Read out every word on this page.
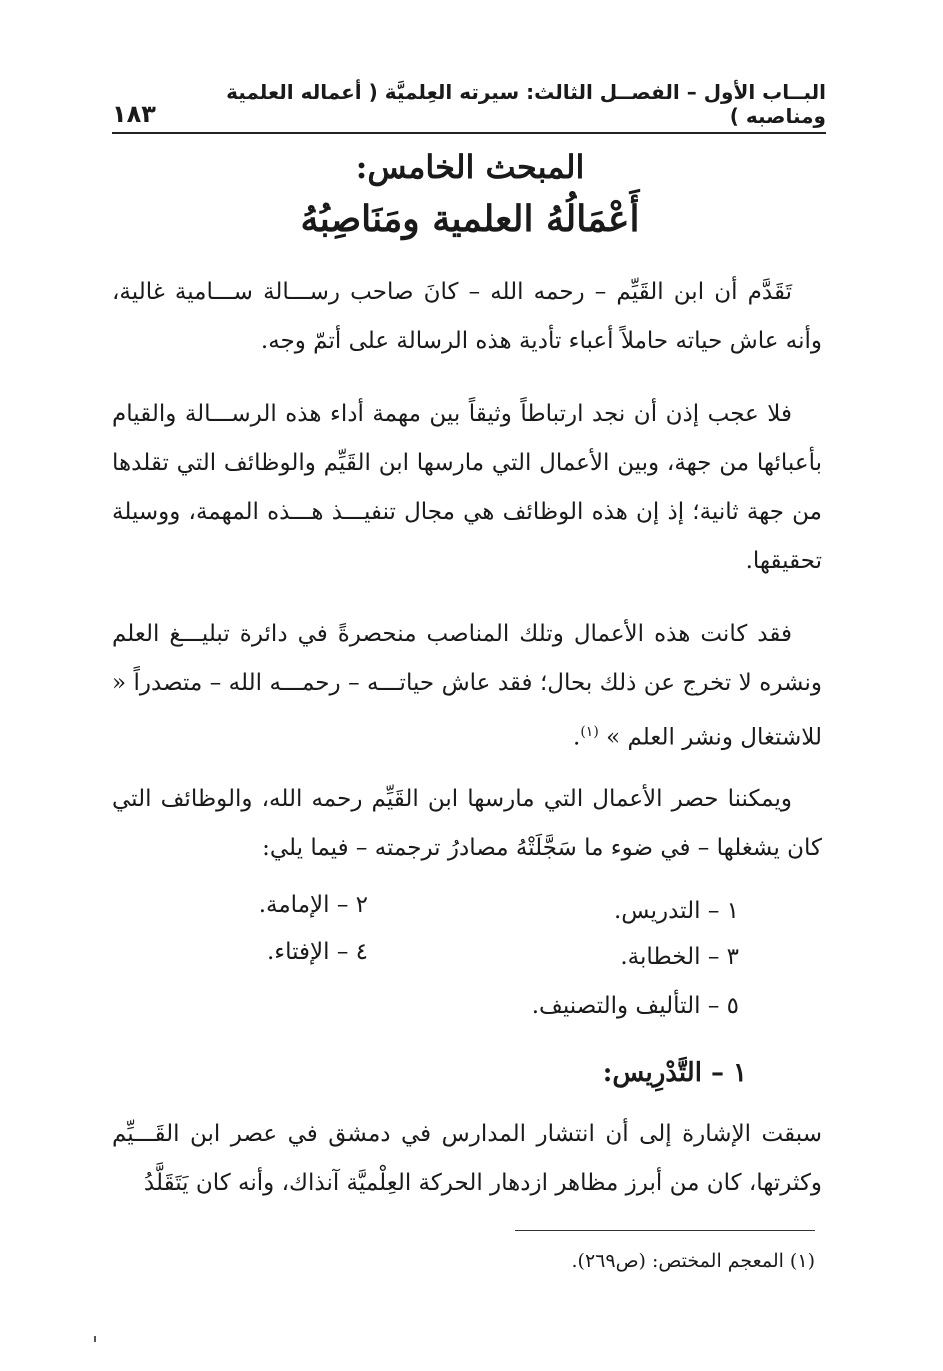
البــاب الأول – الفصــل الثالث: سيرته العِلميَّة ( أعماله العلمية ومناصبه )
١٨٣
المبحث الخامس:
أَعْمَالُهُ العلمية ومَنَاصِبُهُ
تَقَدَّم أن ابن القَيِّم – رحمه الله – كانَ صاحب رســـالة ســـامية غالية، وأنه عاش حياته حاملاً أعباء تأدية هذه الرسالة على أتمّ وجه.
فلا عجب إذن أن نجد ارتباطاً وثيقاً بين مهمة أداء هذه الرســـالة والقيام بأعبائها من جهة، وبين الأعمال التي مارسها ابن القَيِّم والوظائف التي تقلدها من جهة ثانية؛ إذ إن هذه الوظائف هي مجال تنفيـــذ هـــذه المهمة، ووسيلة تحقيقها.
فقد كانت هذه الأعمال وتلك المناصب منحصرةً في دائرة تبليـــغ العلم ونشره لا تخرج عن ذلك بحال؛ فقد عاش حياتـــه – رحمـــه الله – متصدراً « للاشتغال ونشر العلم » $^{(١)}$.
ويمكننا حصر الأعمال التي مارسها ابن القَيِّم رحمه الله، والوظائف التي كان يشغلها – في ضوء ما سَجَّلَتْهُ مصادرُ ترجمته – فيما يلي:
١ – التدريس.
٢ – الإمامة.
٣ – الخطابة.
٤ – الإفتاء.
٥ – التأليف والتصنيف.
١ – التَّدْرِيس:
سبقت الإشارة إلى أن انتشار المدارس في دمشق في عصر ابن القَـــيِّم وكثرتها، كان من أبرز مظاهر ازدهار الحركة العِلْميَّة آنذاك، وأنه كان يَتَقَلَّدُ
(١) المعجم المختص: (ص٢٦٩).
